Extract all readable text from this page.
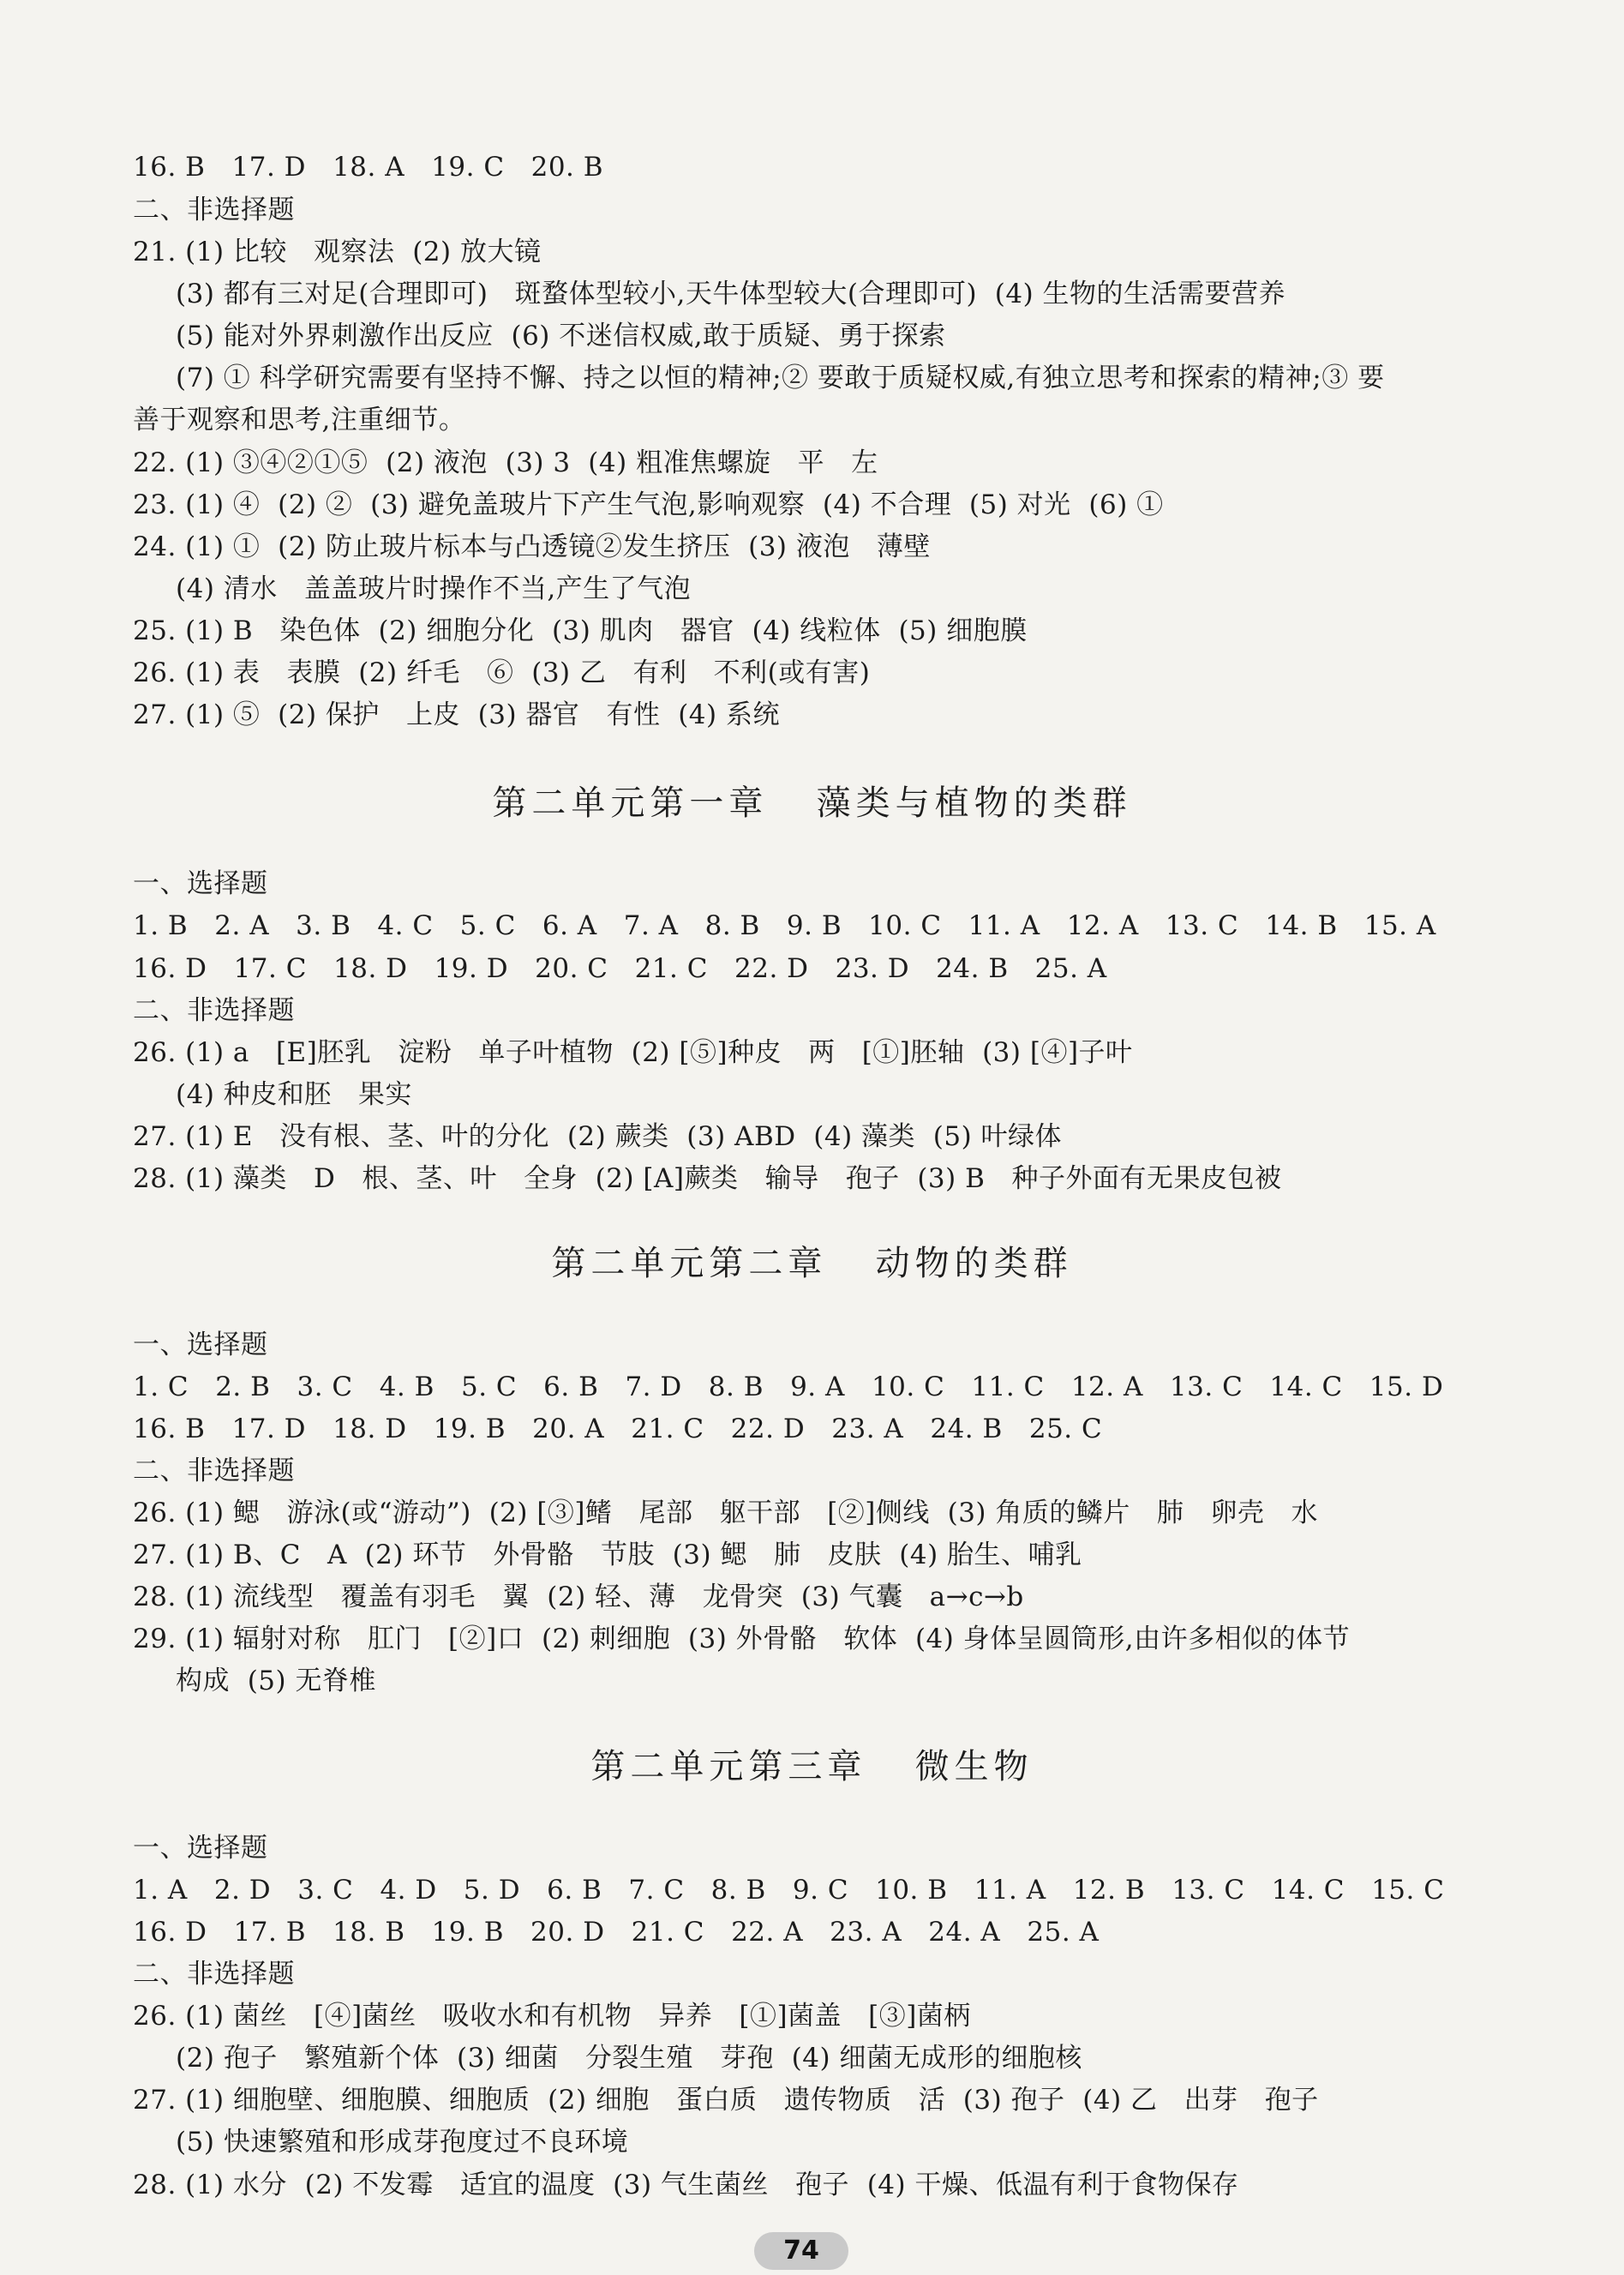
16. B   17. D   18. A   19. C   20. B
二、非选择题
21. (1) 比较   观察法  (2) 放大镜
(3) 都有三对足(合理即可)   斑蝥体型较小,天牛体型较大(合理即可)  (4) 生物的生活需要营养
(5) 能对外界刺激作出反应  (6) 不迷信权威,敢于质疑、勇于探索
(7) ① 科学研究需要有坚持不懈、持之以恒的精神;② 要敢于质疑权威,有独立思考和探索的精神;③ 要
善于观察和思考,注重细节。
22. (1) ③④②①⑤  (2) 液泡  (3) 3  (4) 粗准焦螺旋   平   左
23. (1) ④  (2) ②  (3) 避免盖玻片下产生气泡,影响观察  (4) 不合理  (5) 对光  (6) ①
24. (1) ①  (2) 防止玻片标本与凸透镜②发生挤压  (3) 液泡   薄壁
(4) 清水   盖盖玻片时操作不当,产生了气泡
25. (1) B   染色体  (2) 细胞分化  (3) 肌肉   器官  (4) 线粒体  (5) 细胞膜
26. (1) 表   表膜  (2) 纤毛   ⑥  (3) 乙   有利   不利(或有害)
27. (1) ⑤  (2) 保护   上皮  (3) 器官   有性  (4) 系统
第二单元第一章   藻类与植物的类群
一、选择题
1. B   2. A   3. B   4. C   5. C   6. A   7. A   8. B   9. B   10. C   11. A   12. A   13. C   14. B   15. A
16. D   17. C   18. D   19. D   20. C   21. C   22. D   23. D   24. B   25. A
二、非选择题
26. (1) a   [E]胚乳   淀粉   单子叶植物  (2) [⑤]种皮   两   [①]胚轴  (3) [④]子叶
(4) 种皮和胚   果实
27. (1) E   没有根、茎、叶的分化  (2) 蕨类  (3) ABD  (4) 藻类  (5) 叶绿体
28. (1) 藻类   D   根、茎、叶   全身  (2) [A]蕨类   输导   孢子  (3) B   种子外面有无果皮包被
第二单元第二章   动物的类群
一、选择题
1. C   2. B   3. C   4. B   5. C   6. B   7. D   8. B   9. A   10. C   11. C   12. A   13. C   14. C   15. D
16. B   17. D   18. D   19. B   20. A   21. C   22. D   23. A   24. B   25. C
二、非选择题
26. (1) 鳃   游泳(或“游动”)  (2) [③]鳍   尾部   躯干部   [②]侧线  (3) 角质的鳞片   肺   卵壳   水
27. (1) B、C   A  (2) 环节   外骨骼   节肢  (3) 鳃   肺   皮肤  (4) 胎生、哺乳
28. (1) 流线型   覆盖有羽毛   翼  (2) 轻、薄   龙骨突  (3) 气囊   a→c→b
29. (1) 辐射对称   肛门   [②]口  (2) 刺细胞  (3) 外骨骼   软体  (4) 身体呈圆筒形,由许多相似的体节
构成  (5) 无脊椎
第二单元第三章   微生物
一、选择题
1. A   2. D   3. C   4. D   5. D   6. B   7. C   8. B   9. C   10. B   11. A   12. B   13. C   14. C   15. C
16. D   17. B   18. B   19. B   20. D   21. C   22. A   23. A   24. A   25. A
二、非选择题
26. (1) 菌丝   [④]菌丝   吸收水和有机物   异养   [①]菌盖   [③]菌柄
(2) 孢子   繁殖新个体  (3) 细菌   分裂生殖   芽孢  (4) 细菌无成形的细胞核
27. (1) 细胞壁、细胞膜、细胞质  (2) 细胞   蛋白质   遗传物质   活  (3) 孢子  (4) 乙   出芽   孢子
(5) 快速繁殖和形成芽孢度过不良环境
28. (1) 水分  (2) 不发霉   适宜的温度  (3) 气生菌丝   孢子  (4) 干燥、低温有利于食物保存
74
